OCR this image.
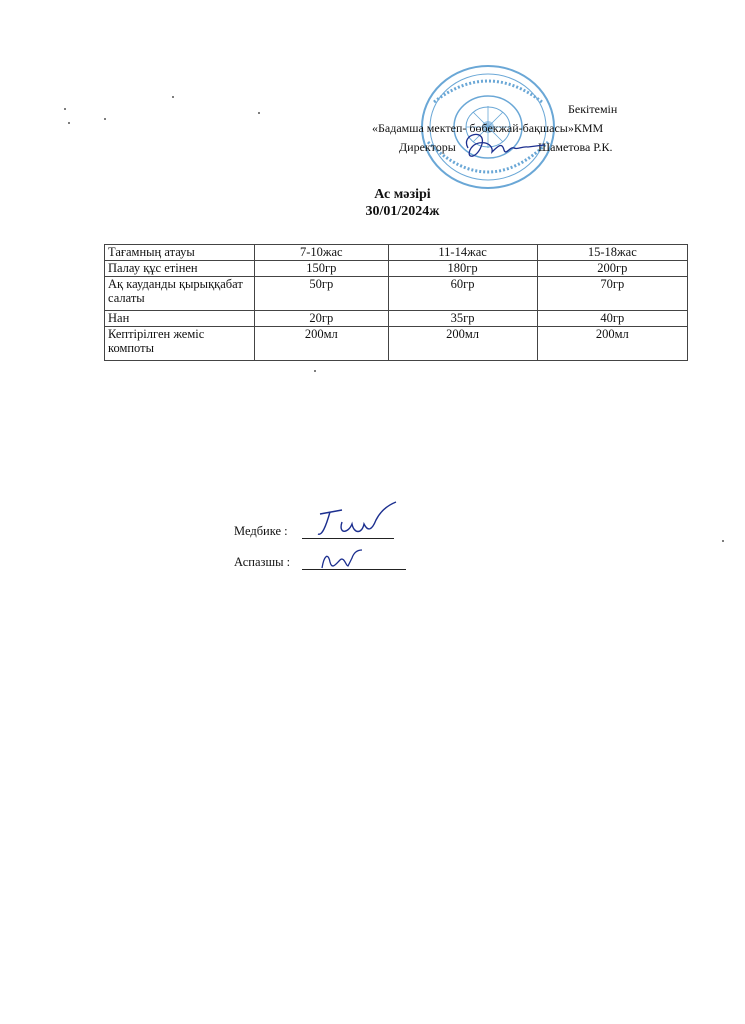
Бекітемін
«Бадамша мектеп- бөбекжай-бақшасы»КММ
Директоры	Шаметова Р.К.
Ас мәзірі
30/01/2024ж
Тағамның атауы	7-10жас	11-14жас	15-18жас
Палау құс етінен	150гр	180гр	200гр
Ақ кауданды қырыққабат салаты	50гр	60гр	70гр
Нан	20гр	35гр	40гр
Кептірілген жеміс компоты	200мл	200мл	200мл
Медбике :
Аспазшы :
